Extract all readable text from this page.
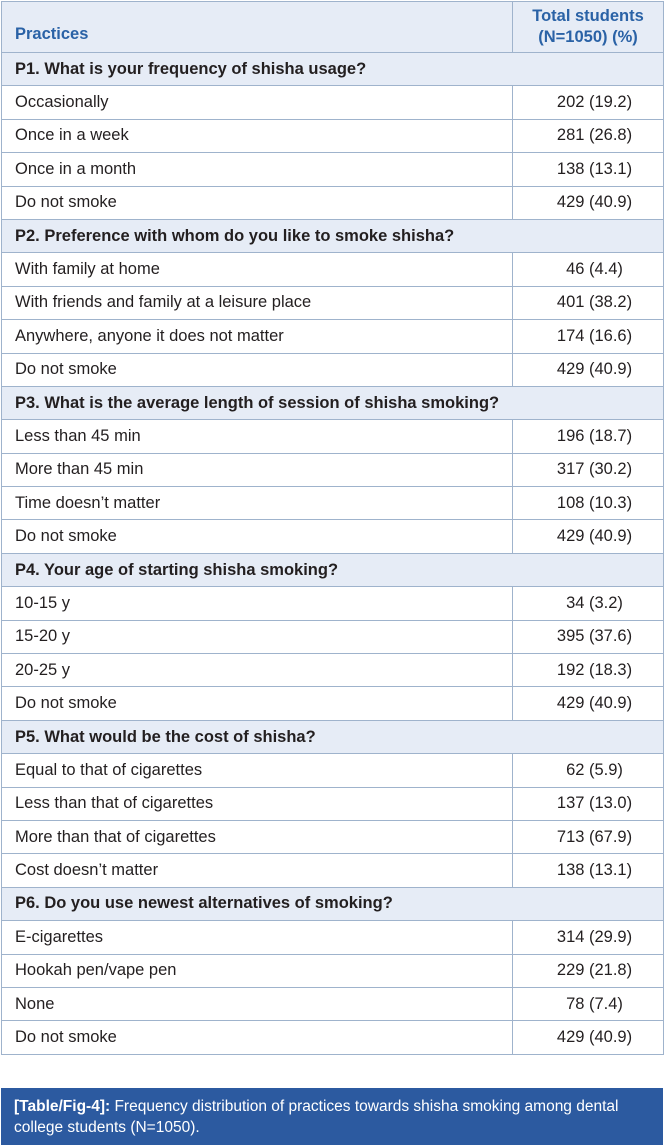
Practices	Total students
(N=1050) (%)
P1. What is your frequency of shisha usage?	
Occasionally	202 (19.2)
Once in a week	281 (26.8)
Once in a month	138 (13.1)
Do not smoke	429 (40.9)
P2. Preference with whom do you like to smoke shisha?	
With family at home	46 (4.4)
With friends and family at a leisure place	401 (38.2)
Anywhere, anyone it does not matter	174 (16.6)
Do not smoke	429 (40.9)
P3. What is the average length of session of shisha smoking?	
Less than 45 min	196 (18.7)
More than 45 min	317 (30.2)
Time doesn’t matter	108 (10.3)
Do not smoke	429 (40.9)
P4. Your age of starting shisha smoking?	
10-15 y	34 (3.2)
15-20 y	395 (37.6)
20-25 y	192 (18.3)
Do not smoke	429 (40.9)
P5. What would be the cost of shisha?	
Equal to that of cigarettes	62 (5.9)
Less than that of cigarettes	137 (13.0)
More than that of cigarettes	713 (67.9)
Cost doesn’t matter	138 (13.1)
P6. Do you use newest alternatives of smoking?	
E-cigarettes	314 (29.9)
Hookah pen/vape pen	229 (21.8)
None	78 (7.4)
Do not smoke	429 (40.9)
[Table/Fig-4]: Frequency distribution of practices towards shisha smoking among dental college students (N=1050).
